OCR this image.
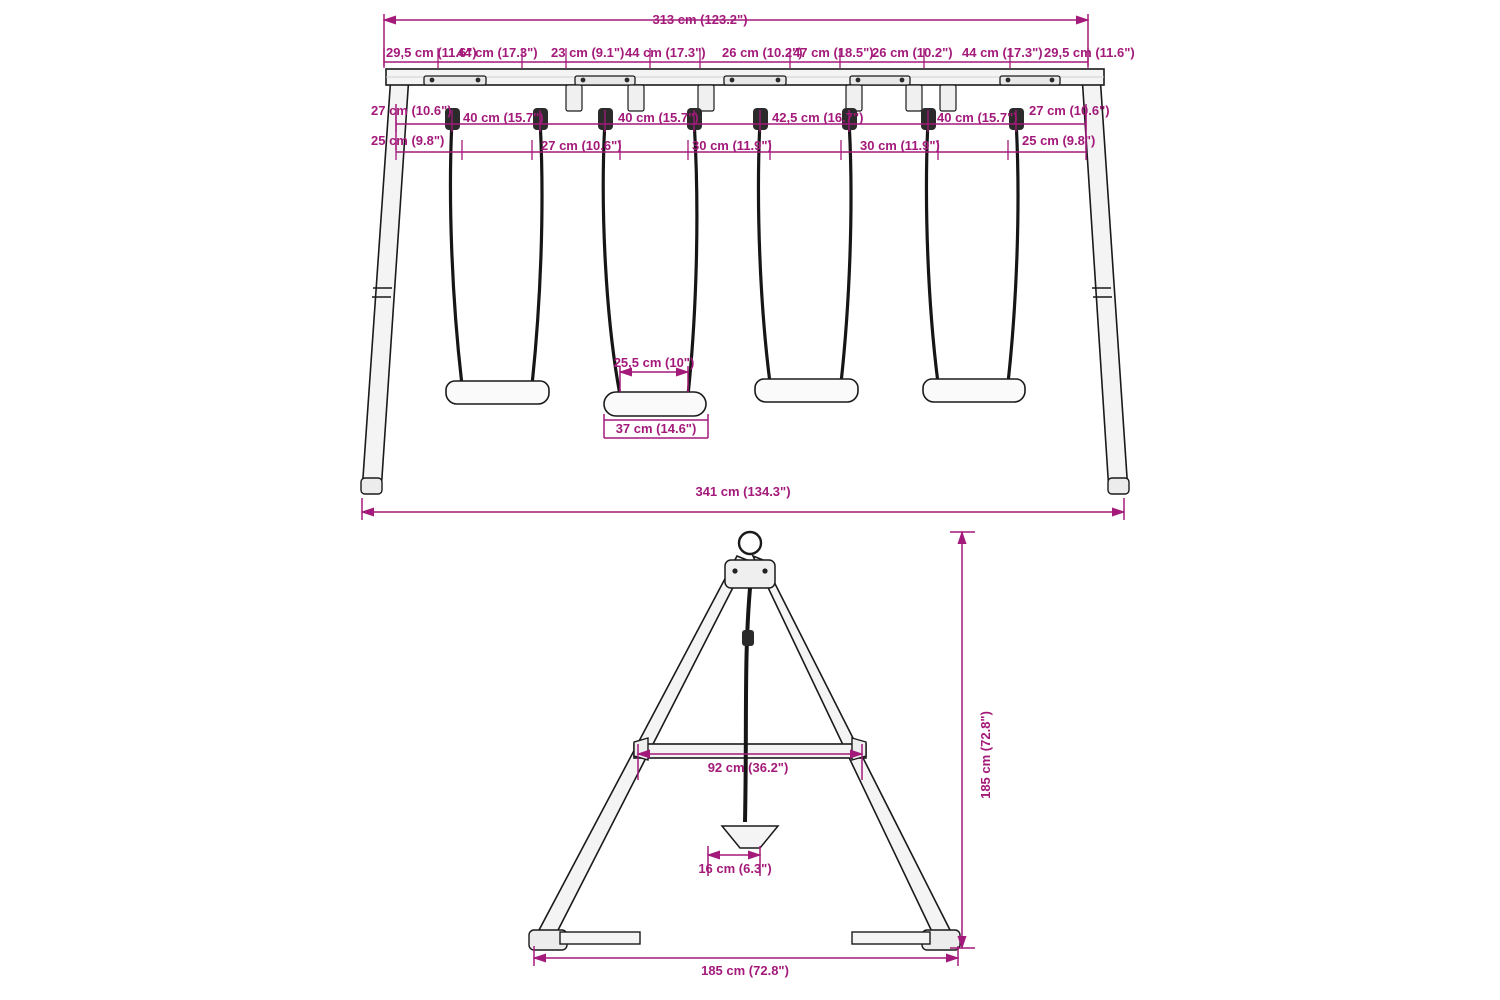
313 cm (123.2")
29,5 cm (11.6")
44 cm (17.3") 23 cm (9.1") 44 cm (17.3") 26 cm (10.2")
47 cm (18.5")
26 cm (10.2") 44 cm (17.3") 29,5 cm (11.6")
27 cm (10.6") 40 cm (15.7")	40 cm (15.7")	42,5 cm (16.7")	40 cm (15.7") 27 cm (10.6")
25 cm (9.8")	27 cm (10.6")	30 cm (11.9")	30 cm (11.9")	25 cm (9.8")
25,5 cm (10")
37 cm (14.6")
341 cm (134.3")
185 cm (72.8")
92 cm (36.2")
16 cm (6.3")
185 cm (72.8")
